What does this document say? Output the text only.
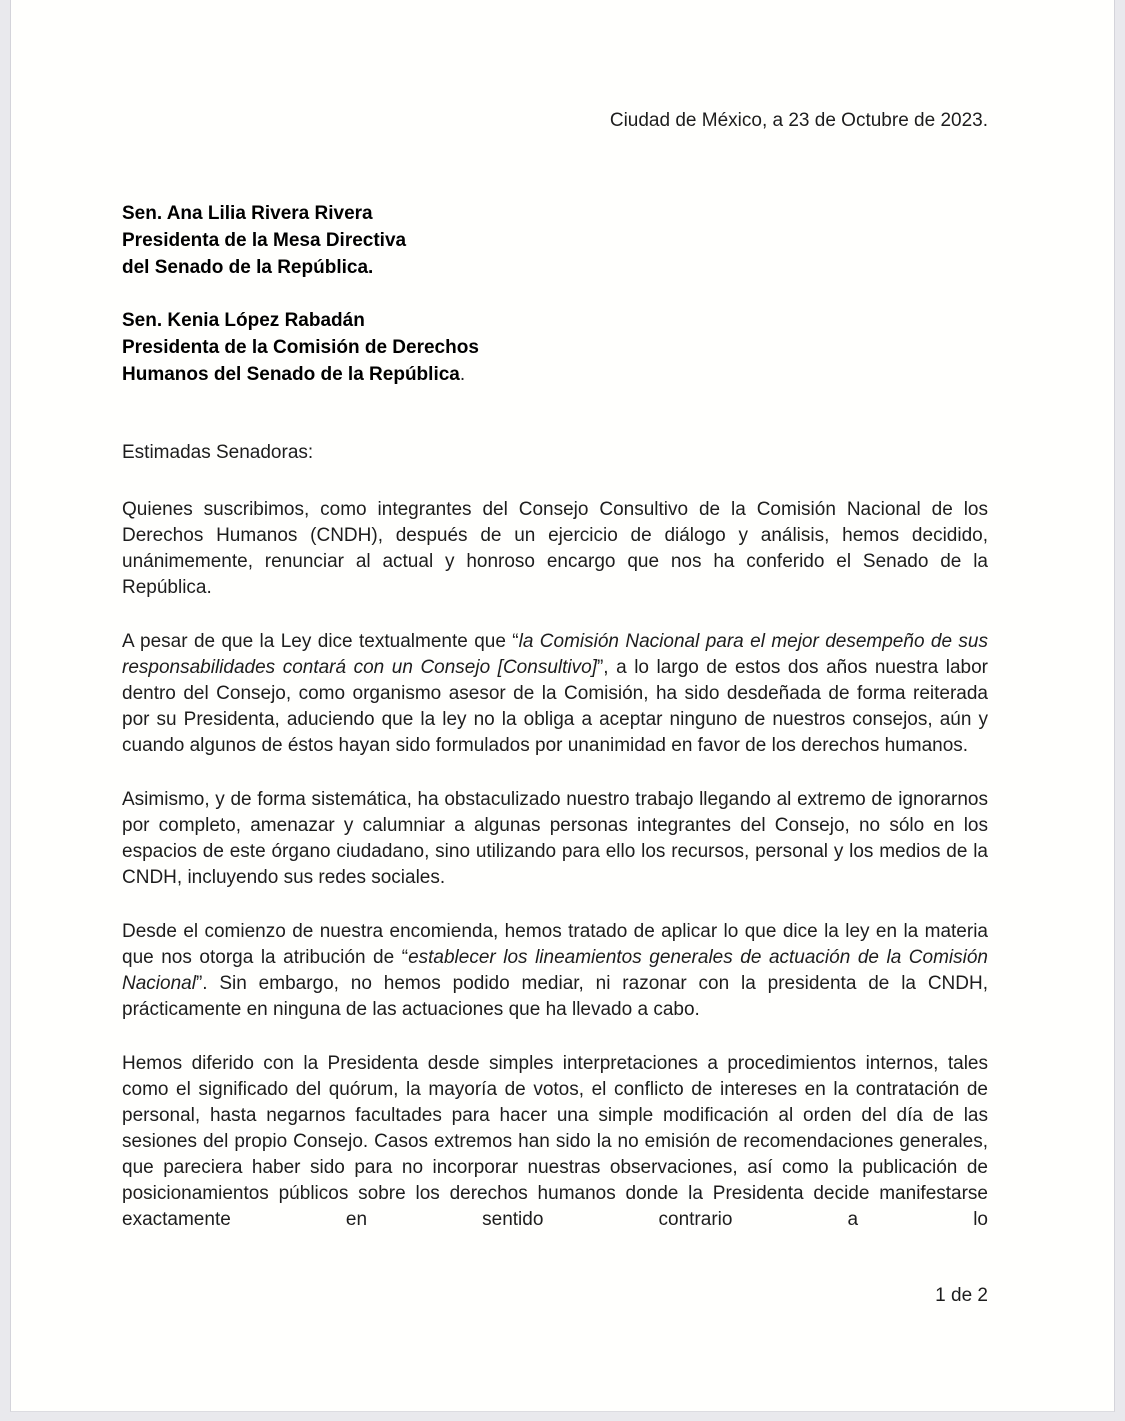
Ciudad de México, a 23 de Octubre de 2023.

Sen. Ana Lilia Rivera Rivera
Presidenta de la Mesa Directiva
del Senado de la República.
Sen. Kenia López Rabadán
Presidenta de la Comisión de Derechos
Humanos del Senado de la República.

Estimadas Senadoras:

Quienes suscribimos, como integrantes del Consejo Consultivo de la Comisión Nacional de los Derechos Humanos (CNDH), después de un ejercicio de diálogo y análisis, hemos decidido, unánimemente, renunciar al actual y honroso encargo que nos ha conferido el Senado de la República.

A pesar de que la Ley dice textualmente que “la Comisión Nacional para el mejor desempeño de sus responsabilidades contará con un Consejo [Consultivo]”, a lo largo de estos dos años nuestra labor dentro del Consejo, como organismo asesor de la Comisión, ha sido desdeñada de forma reiterada por su Presidenta, aduciendo que la ley no la obliga a aceptar ninguno de nuestros consejos, aún y cuando algunos de éstos hayan sido formulados por unanimidad en favor de los derechos humanos.

Asimismo, y de forma sistemática, ha obstaculizado nuestro trabajo llegando al extremo de ignorarnos por completo, amenazar y calumniar a algunas personas integrantes del Consejo, no sólo en los espacios de este órgano ciudadano, sino utilizando para ello los recursos, personal y los medios de la CNDH, incluyendo sus redes sociales.

Desde el comienzo de nuestra encomienda, hemos tratado de aplicar lo que dice la ley en la materia que nos otorga la atribución de “establecer los lineamientos generales de actuación de la Comisión Nacional”. Sin embargo, no hemos podido mediar, ni razonar con la presidenta de la CNDH, prácticamente en ninguna de las actuaciones que ha llevado a cabo.

Hemos diferido con la Presidenta desde simples interpretaciones a procedimientos internos, tales como el significado del quórum, la mayoría de votos, el conflicto de intereses en la contratación de personal, hasta negarnos facultades para hacer una simple modificación al orden del día de las sesiones del propio Consejo. Casos extremos han sido la no emisión de recomendaciones generales, que pareciera haber sido para no incorporar nuestras observaciones, así como la publicación de posicionamientos públicos sobre los derechos humanos donde la Presidenta decide manifestarse exactamente en sentido contrario a lo

1 de 2
